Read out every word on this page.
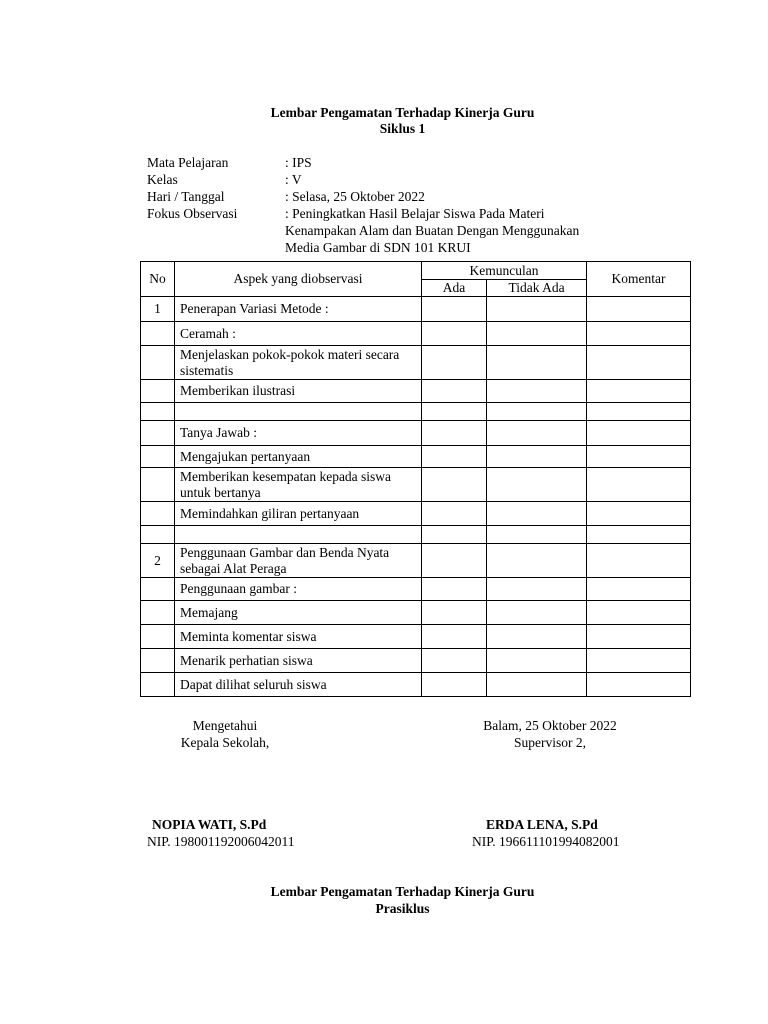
Lembar Pengamatan Terhadap Kinerja Guru
Siklus 1
Mata Pelajaran	: IPS
Kelas	: V
Hari / Tanggal	: Selasa, 25 Oktober 2022
Fokus Observasi	: Peningkatkan Hasil Belajar Siswa Pada Materi
Kenampakan Alam dan Buatan Dengan Menggunakan
Media Gambar di SDN 101 KRUI
No	Aspek yang diobservasi	Kemunculan		Komentar
		Ada	Tidak Ada	
1	Penerapan Variasi Metode :			
	Ceramah :			
	Menjelaskan pokok-pokok materi secara sistematis			
	Memberikan ilustrasi			

	Tanya Jawab :			
	Mengajukan pertanyaan			
	Memberikan kesempatan kepada siswa untuk bertanya			
	Memindahkan giliran pertanyaan			

2	Penggunaan Gambar dan Benda Nyata sebagai Alat Peraga			
	Penggunaan gambar :			
	Memajang			
	Meminta komentar siswa			
	Menarik perhatian siswa			
	Dapat dilihat seluruh siswa			
Mengetahui
Kepala Sekolah,
Balam, 25 Oktober 2022
Supervisor 2,
NOPIA WATI, S.Pd
NIP. 198001192006042011
ERDA LENA, S.Pd
NIP. 196611101994082001
Lembar Pengamatan Terhadap Kinerja Guru
Prasiklus
